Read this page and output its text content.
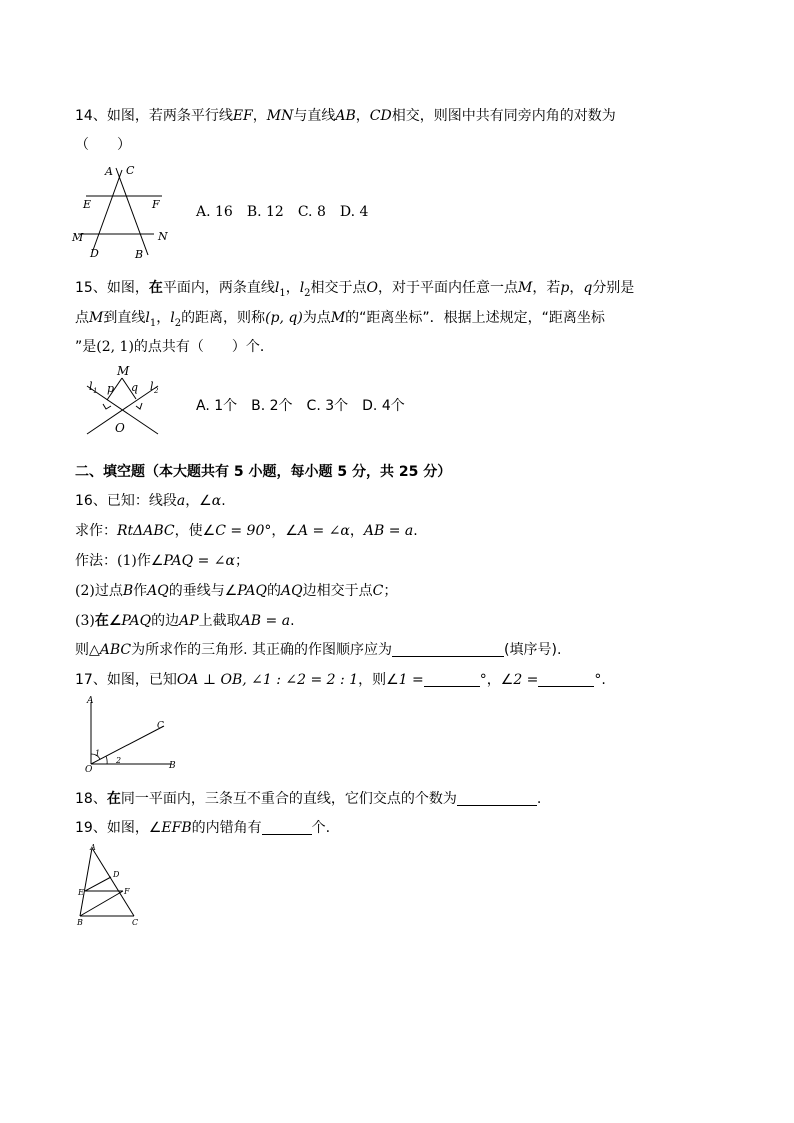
14、如图，若两条平行线EF，MN与直线AB，CD相交，则图中共有同旁内角的对数为
（　　）
A C
E	F
M	N
D	B
A. 16　B. 12　C. 8　D. 4
15、如图，在平面内，两条直线$l_1$，$l_2$相交于点O，对于平面内任意一点M，若p，q分别是
点M到直线$l_1$，$l_2$的距离，则称(p, q)为点M的“距离坐标”．根据上述规定，“距离坐标
”是(2, 1)的点共有（　　）个．
M
l 1 p q l 2
O
A. 1个　B. 2个　C. 3个　D. 4个
二、填空题（本大题共有 5 小题，每小题 5 分，共 25 分）
16、已知：线段a，∠α.
求作：RtΔABC，使∠C = 90°，∠A = ∠α，AB = a.
作法：(1)作∠PAQ = ∠α；
(2)过点B作AQ的垂线与∠PAQ的AQ边相交于点C；
(3)在∠PAQ的边AP上截取AB = a.
则△ABC为所求作的三角形. 其正确的作图顺序应为	(填序号).
17、如图，已知OA ⊥ OB, ∠1 : ∠2 = 2 : 1，则∠1 =	°，∠2 =	°.
A
C
O	B
1
2
18、在同一平面内，三条互不重合的直线，它们交点的个数为	.
19、如图，∠EFB的内错角有	个.
A
D
E	F
B	C
